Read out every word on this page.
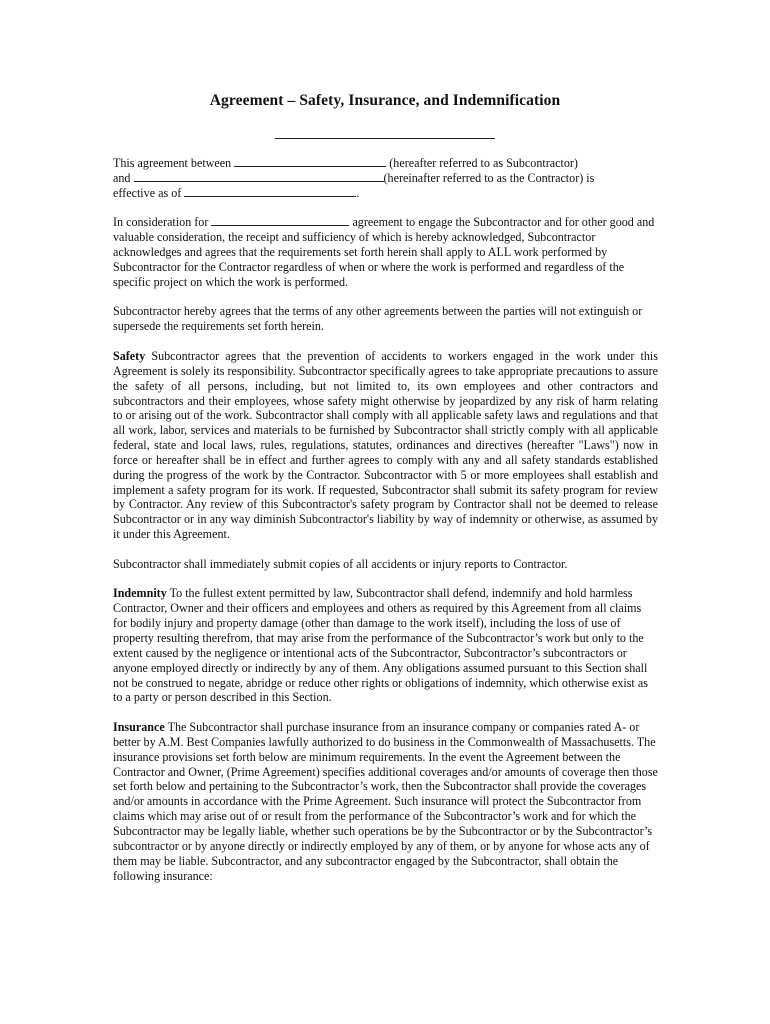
Agreement – Safety, Insurance, and Indemnification

This agreement between	(hereafter referred to as Subcontractor)
and	(hereinafter referred to as the Contractor) is
effective as of	.

In consideration for	agreement to engage the Subcontractor and for other good and valuable consideration, the receipt and sufficiency of which is hereby acknowledged, Subcontractor acknowledges and agrees that the requirements set forth herein shall apply to ALL work performed by Subcontractor for the Contractor regardless of when or where the work is performed and regardless of the specific project on which the work is performed.

Subcontractor hereby agrees that the terms of any other agreements between the parties will not extinguish or supersede the requirements set forth herein.

Safety Subcontractor agrees that the prevention of accidents to workers engaged in the work under this Agreement is solely its responsibility. Subcontractor specifically agrees to take appropriate precautions to assure the safety of all persons, including, but not limited to, its own employees and other contractors and subcontractors and their employees, whose safety might otherwise by jeopardized by any risk of harm relating to or arising out of the work. Subcontractor shall comply with all applicable safety laws and regulations and that all work, labor, services and materials to be furnished by Subcontractor shall strictly comply with all applicable federal, state and local laws, rules, regulations, statutes, ordinances and directives (hereafter "Laws") now in force or hereafter shall be in effect and further agrees to comply with any and all safety standards established during the progress of the work by the Contractor. Subcontractor with 5 or more employees shall establish and implement a safety program for its work. If requested, Subcontractor shall submit its safety program for review by Contractor. Any review of this Subcontractor's safety program by Contractor shall not be deemed to release Subcontractor or in any way diminish Subcontractor's liability by way of indemnity or otherwise, as assumed by it under this Agreement.

Subcontractor shall immediately submit copies of all accidents or injury reports to Contractor.

Indemnity To the fullest extent permitted by law, Subcontractor shall defend, indemnify and hold harmless Contractor, Owner and their officers and employees and others as required by this Agreement from all claims for bodily injury and property damage (other than damage to the work itself), including the loss of use of property resulting therefrom, that may arise from the performance of the Subcontractor’s work but only to the extent caused by the negligence or intentional acts of the Subcontractor, Subcontractor’s subcontractors or anyone employed directly or indirectly by any of them. Any obligations assumed pursuant to this Section shall not be construed to negate, abridge or reduce other rights or obligations of indemnity, which otherwise exist as to a party or person described in this Section.

Insurance The Subcontractor shall purchase insurance from an insurance company or companies rated A- or better by A.M. Best Companies lawfully authorized to do business in the Commonwealth of Massachusetts. The insurance provisions set forth below are minimum requirements. In the event the Agreement between the Contractor and Owner, (Prime Agreement) specifies additional coverages and/or amounts of coverage then those set forth below and pertaining to the Subcontractor’s work, then the Subcontractor shall provide the coverages and/or amounts in accordance with the Prime Agreement. Such insurance will protect the Subcontractor from claims which may arise out of or result from the performance of the Subcontractor’s work and for which the Subcontractor may be legally liable, whether such operations be by the Subcontractor or by the Subcontractor’s subcontractor or by anyone directly or indirectly employed by any of them, or by anyone for whose acts any of them may be liable. Subcontractor, and any subcontractor engaged by the Subcontractor, shall obtain the following insurance:
